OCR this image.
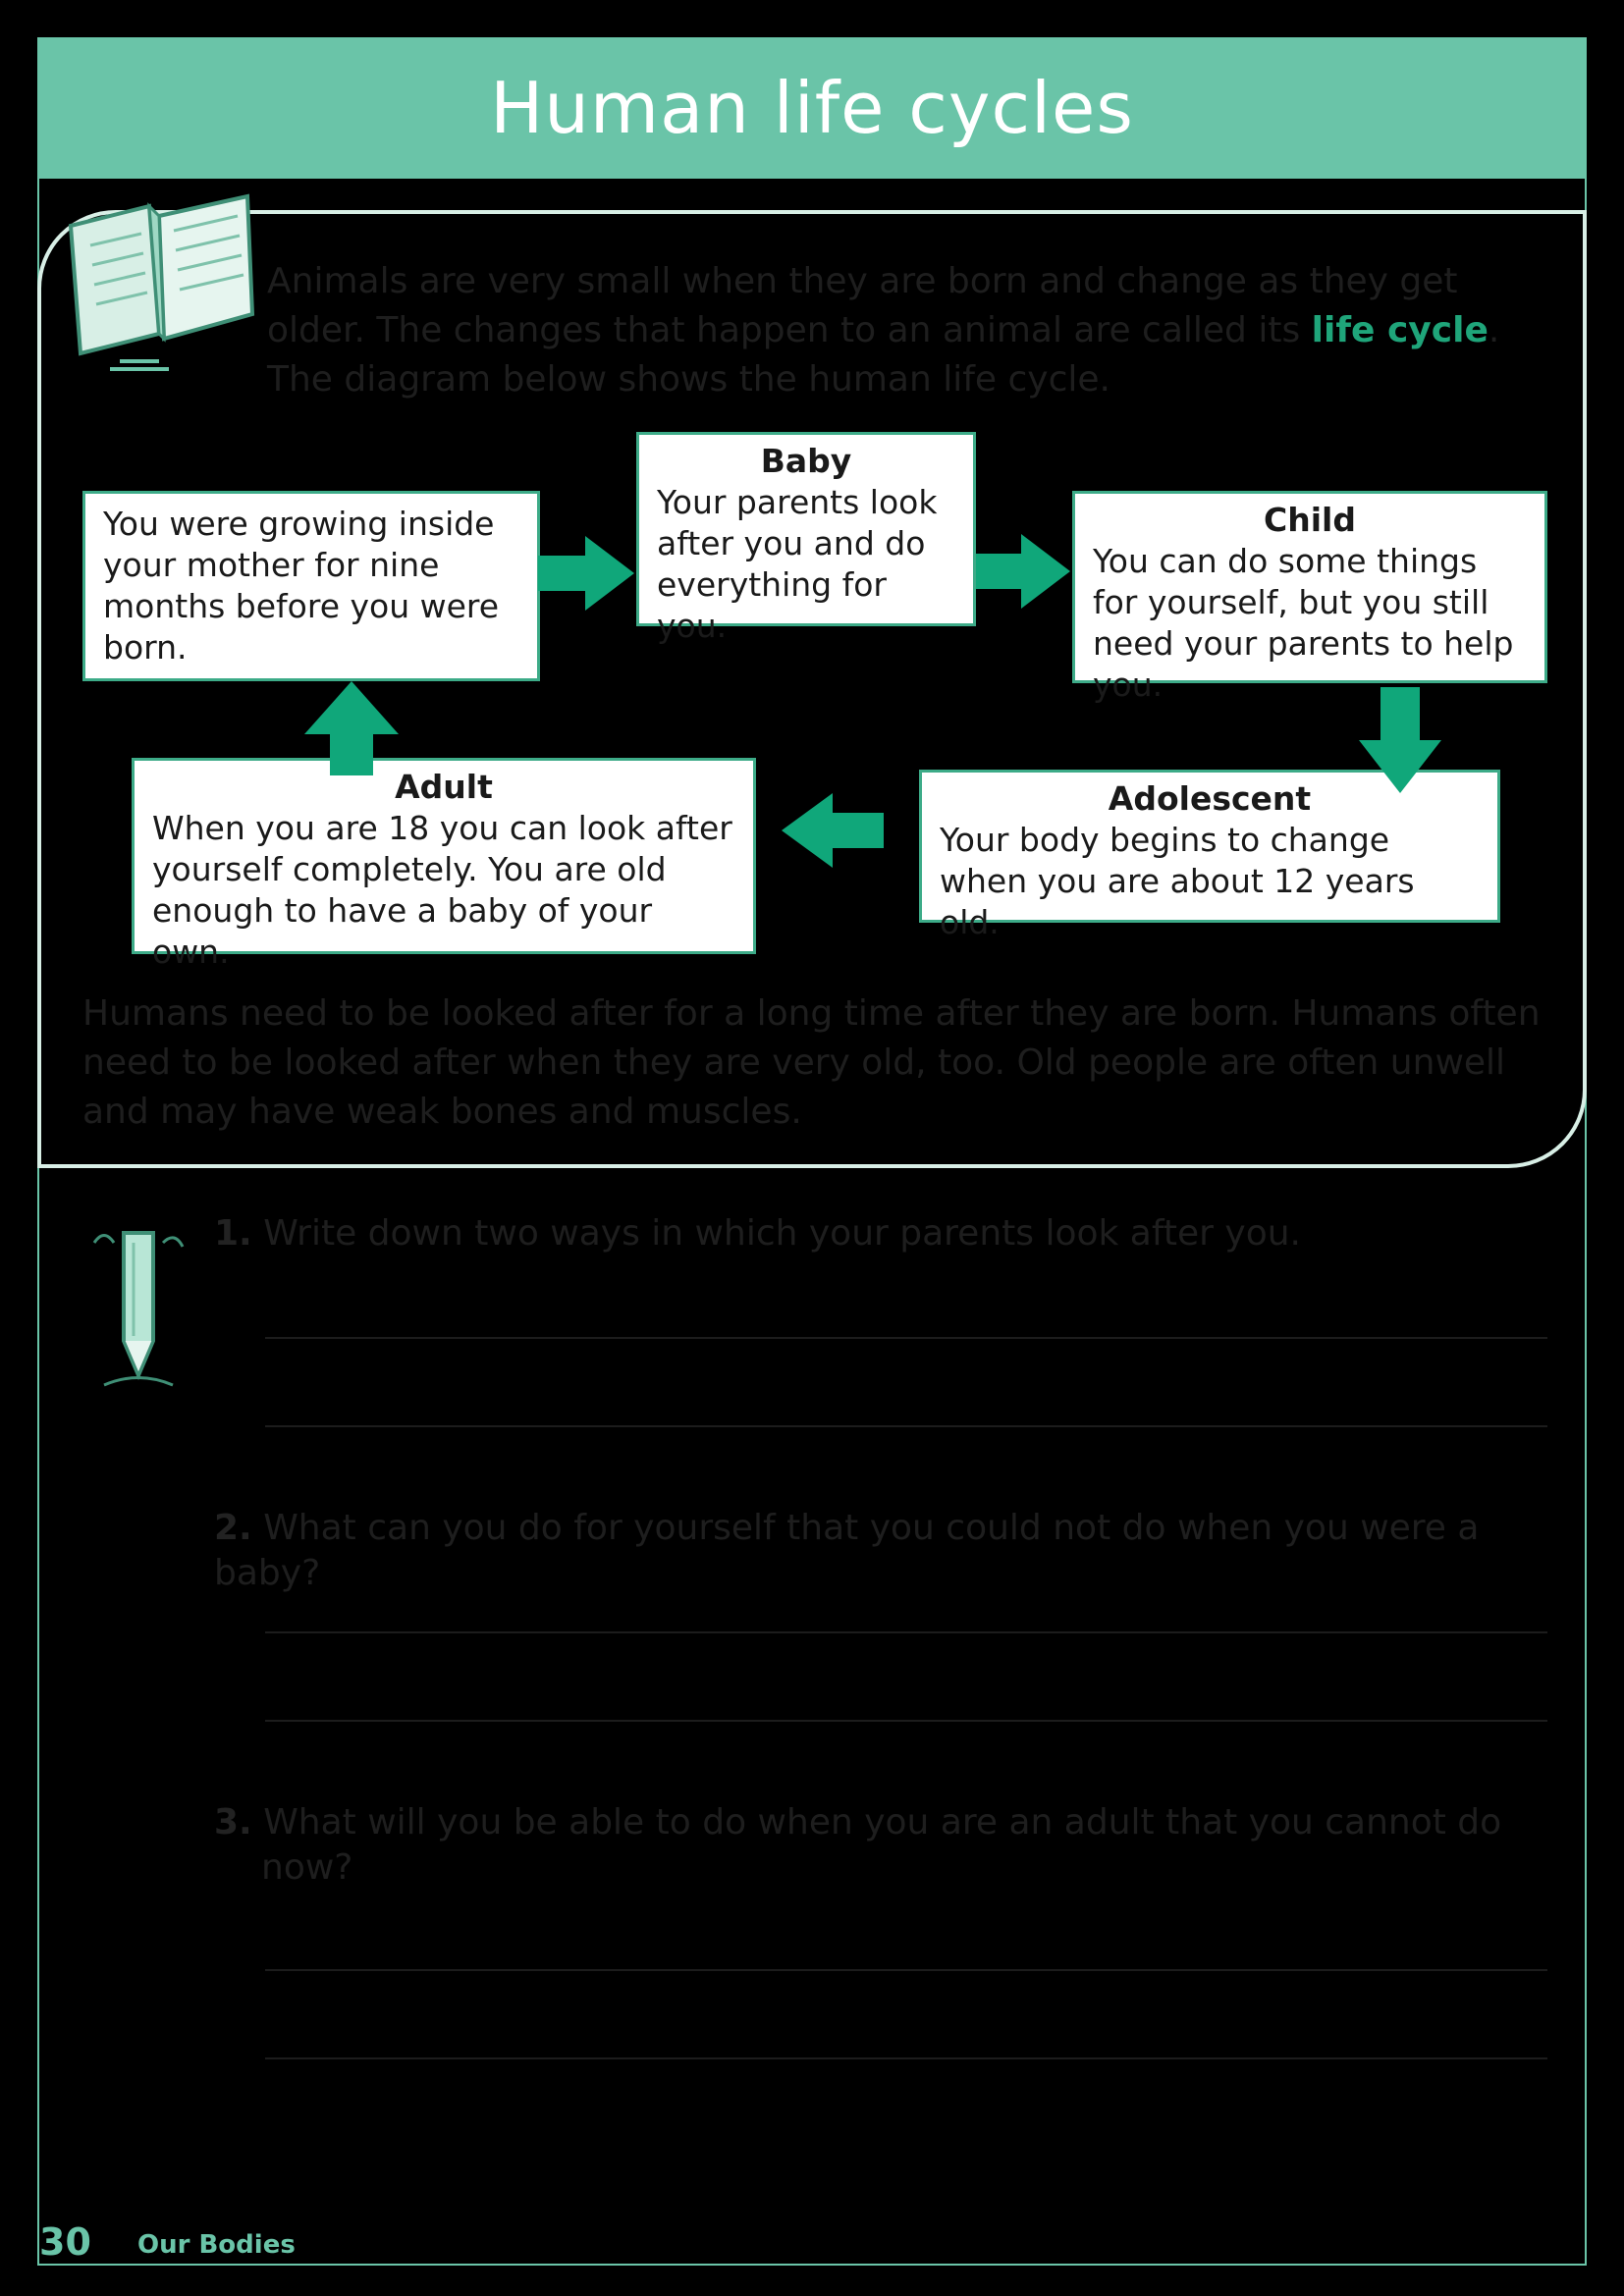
Human life cycles

Animals are very small when they are born and change as they get older. The changes that happen to an animal are called its life cycle. The diagram below shows the human life cycle.

You were growing inside your mother for nine months before you were born.
Baby
Your parents look after you and do everything for you.
Child
You can do some things for yourself, but you still need your parents to help you.
Adolescent
Your body begins to change when you are about 12 years old.
Adult
When you are 18 you can look after yourself completely. You are old enough to have a baby of your own.

Humans need to be looked after for a long time after they are born. Humans often need to be looked after when they are very old, too. Old people are often unwell and may have weak bones and muscles.

1. Write down two ways in which your parents look after you.
2. What can you do for yourself that you could not do when you were a baby?
3. What will you be able to do when you are an adult that you cannot do now?
30 Our Bodies
